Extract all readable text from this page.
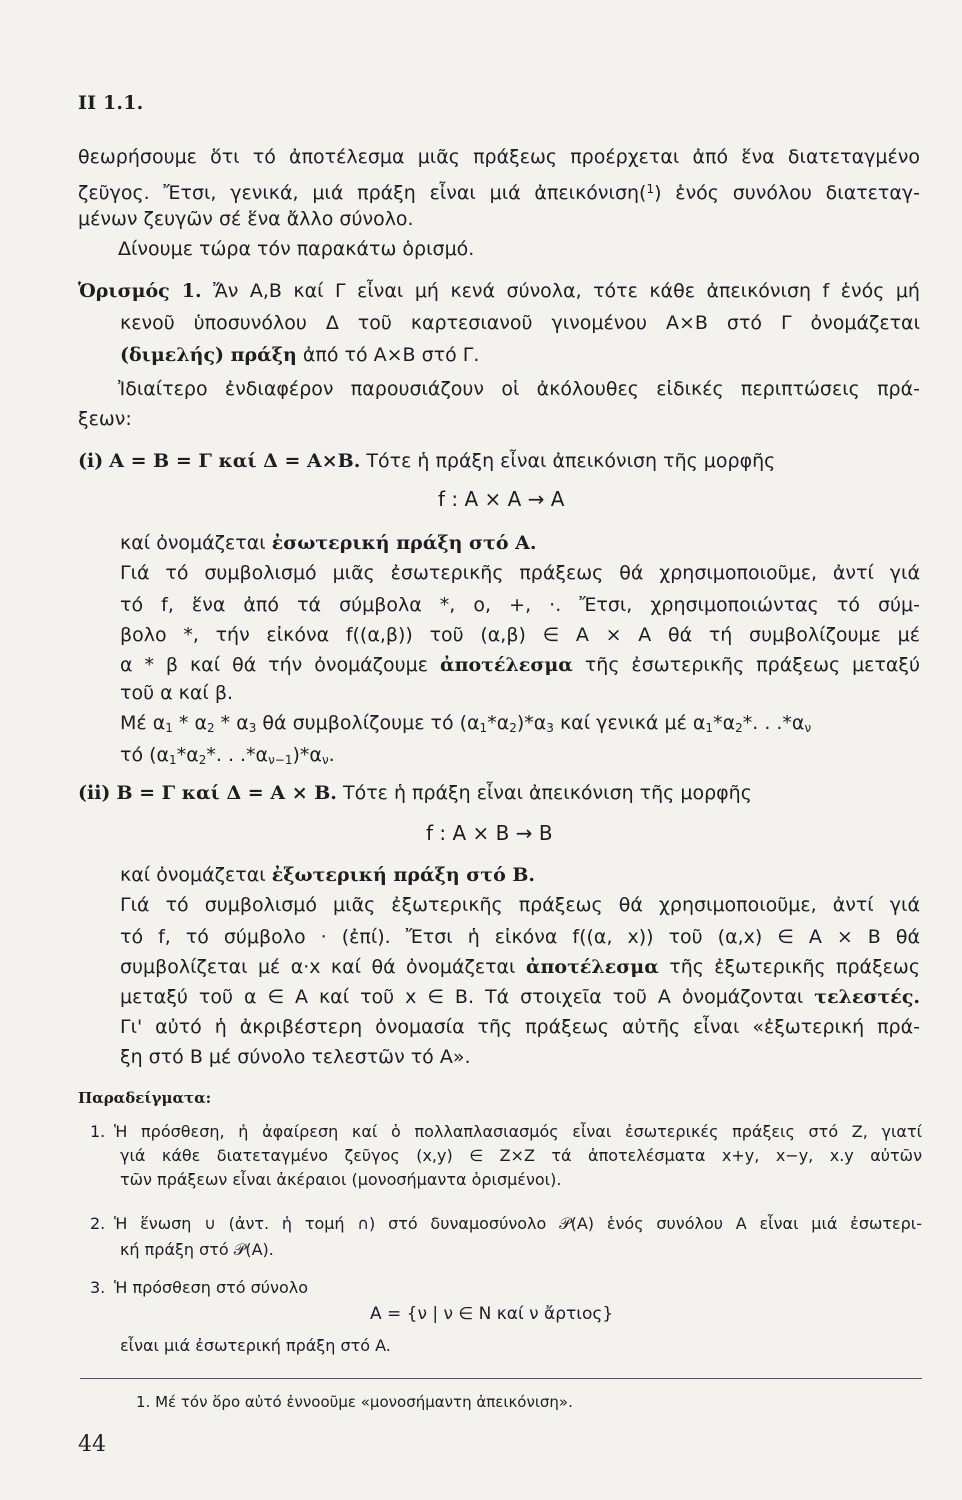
ΙΙ 1.1.
θεωρήσουμε ὅτι τό ἀποτέλεσμα μιᾶς πράξεως προέρχεται ἀπό ἕνα διατεταγμένο
ζεῦγος. Ἔτσι, γενικά, μιά πράξη εἶναι μιά ἀπεικόνιση($^1$) ἑνός συνόλου διατεταγ-
μένων ζευγῶν σέ ἕνα ἄλλο σύνολο.
Δίνουμε τώρα τόν παρακάτω ὁρισμό.
Ὁρισμός 1. Ἄν A,B καί Γ εἶναι μή κενά σύνολα, τότε κάθε ἀπεικόνιση f ἑνός μή
κενοῦ ὑποσυνόλου Δ τοῦ καρτεσιανοῦ γινομένου A×B στό Γ ὀνομάζεται
(διμελής) πράξη ἀπό τό A×B στό Γ.
Ἰδιαίτερο ἐνδιαφέρον παρουσιάζουν οἱ ἀκόλουθες εἰδικές περιπτώσεις πρά-
ξεων:
(i) A = B = Γ καί Δ = A×B. Τότε ἡ πράξη εἶναι ἀπεικόνιση τῆς μορφῆς
f : A × A → A
καί ὀνομάζεται ἐσωτερική πράξη στό A.
Γιά τό συμβολισμό μιᾶς ἐσωτερικῆς πράξεως θά χρησιμοποιοῦμε, ἀντί γιά
τό f, ἕνα ἀπό τά σύμβολα *, ο, +, ·. Ἔτσι, χρησιμοποιώντας τό σύμ-
βολο *, τήν εἰκόνα f((α,β)) τοῦ (α,β) ∈ A × A θά τή συμβολίζουμε μέ
α * β καί θά τήν ὀνομάζουμε ἀποτέλεσμα τῆς ἐσωτερικῆς πράξεως μεταξύ
τοῦ α καί β.
Μέ $\alpha_1 * \alpha_2 * \alpha_3$ θά συμβολίζουμε τό $(\alpha_1*\alpha_2)*\alpha_3$ καί γενικά μέ $\alpha_1*\alpha_2*$. . $.*\alpha_\nu$
τό ($\alpha_1*\alpha_2*$. . $.*\alpha_{\nu-1})*\alpha_\nu$.
(ii) B = Γ καί Δ = A × B. Τότε ἡ πράξη εἶναι ἀπεικόνιση τῆς μορφῆς
f : A × B → B
καί ὀνομάζεται ἐξωτερική πράξη στό B.
Γιά τό συμβολισμό μιᾶς ἐξωτερικῆς πράξεως θά χρησιμοποιοῦμε, ἀντί γιά
τό f, τό σύμβολο · (ἐπί). Ἔτσι ἡ εἰκόνα f((α, x)) τοῦ (α,x) ∈ A × B θά
συμβολίζεται μέ α·x καί θά ὀνομάζεται ἀποτέλεσμα τῆς ἐξωτερικῆς πράξεως
μεταξύ τοῦ α ∈ A καί τοῦ x ∈ B. Τά στοιχεῖα τοῦ A ὀνομάζονται τελεστές.
Γι' αὐτό ἡ ἀκριβέστερη ὀνομασία τῆς πράξεως αὐτῆς εἶναι «ἐξωτερική πρά-
ξη στό B μέ σύνολο τελεστῶν τό A».
Παραδείγματα:
1. Ἡ πρόσθεση, ἡ ἀφαίρεση καί ὁ πολλαπλασιασμός εἶναι ἐσωτερικές πράξεις στό Z, γιατί
γιά κάθε διατεταγμένο ζεῦγος (x,y) ∈ Z×Z τά ἀποτελέσματα x+y, x−y, x.y αὐτῶν
τῶν πράξεων εἶναι ἀκέραιοι (μονοσήμαντα ὁρισμένοι).
2. Ἡ ἕνωση ∪ (ἀντ. ἡ τομή ∩) στό δυναμοσύνολο 𝒫(A) ἑνός συνόλου A εἶναι μιά ἐσωτερι-
κή πράξη στό 𝒫(A).
3. Ἡ πρόσθεση στό σύνολο
A = {ν | ν ∈ N καί ν ἄρτιος}
εἶναι μιά ἐσωτερική πράξη στό A.
1. Μέ τόν ὅρο αὐτό ἐννοοῦμε «μονοσήμαντη ἀπεικόνιση».
44
